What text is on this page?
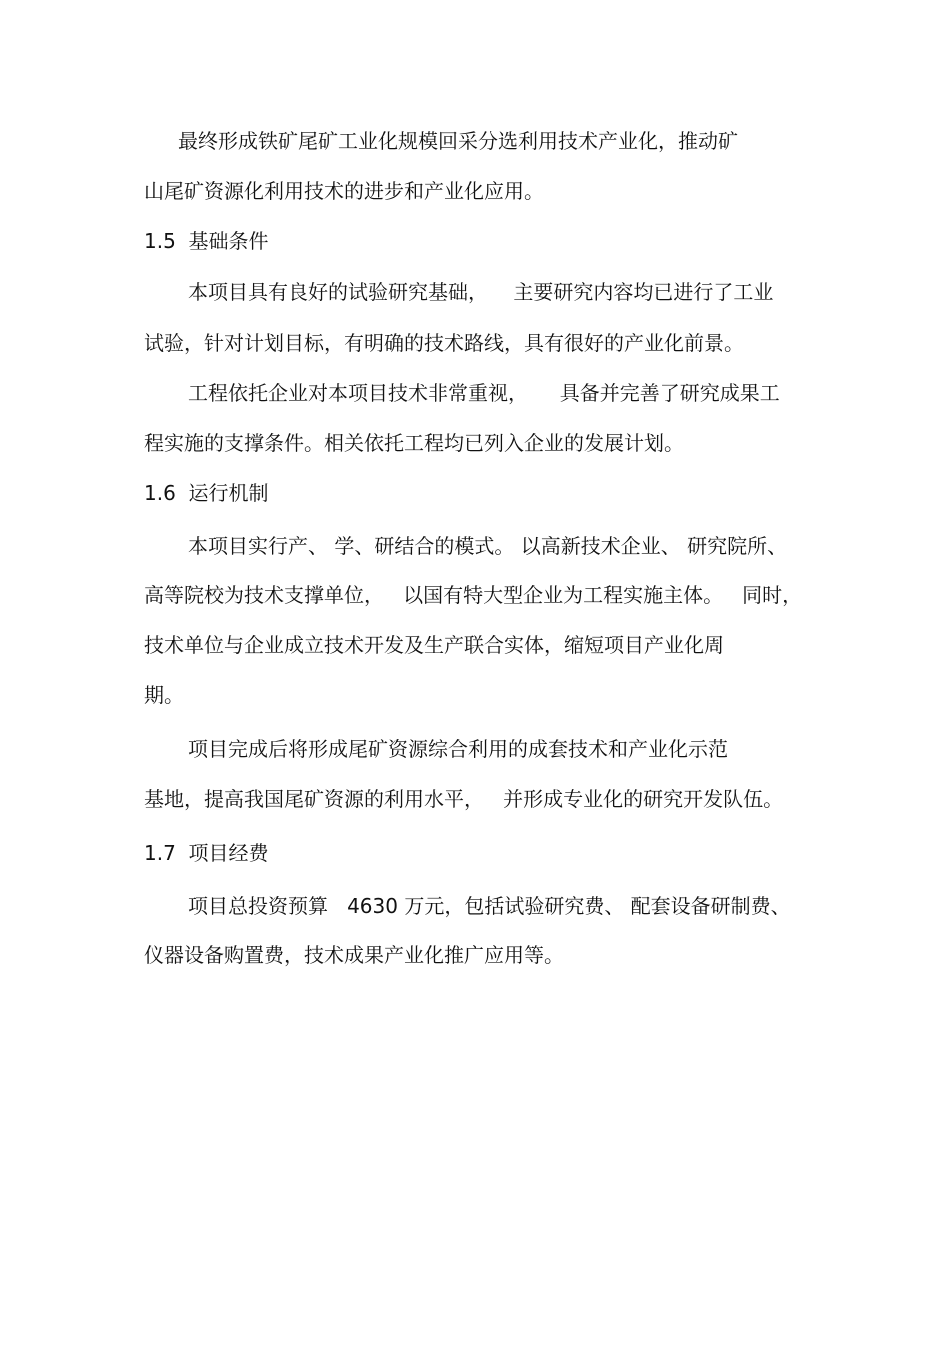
最终形成铁矿尾矿工业化规模回采分选利用技术产业化，推动矿
山尾矿资源化利用技术的进步和产业化应用。
1.5  基础条件
本项目具有良好的试验研究基础，    主要研究内容均已进行了工业
试验，针对计划目标，有明确的技术路线，具有很好的产业化前景。
工程依托企业对本项目技术非常重视，     具备并完善了研究成果工
程实施的支撑条件。相关依托工程均已列入企业的发展计划。
1.6  运行机制
本项目实行产、 学、研结合的模式。 以高新技术企业、 研究院所、
高等院校为技术支撑单位，   以国有特大型企业为工程实施主体。   同时，
技术单位与企业成立技术开发及生产联合实体，缩短项目产业化周
期。
项目完成后将形成尾矿资源综合利用的成套技术和产业化示范
基地，提高我国尾矿资源的利用水平，   并形成专业化的研究开发队伍。
1.7  项目经费
项目总投资预算   4630 万元，包括试验研究费、 配套设备研制费、
仪器设备购置费，技术成果产业化推广应用等。
